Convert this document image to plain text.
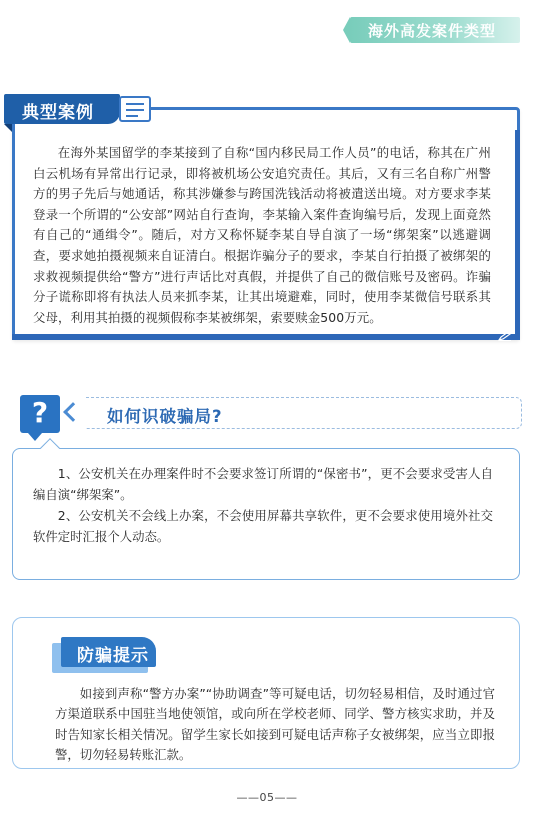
海外高发案件类型
典型案例

在海外某国留学的李某接到了自称“国内移民局工作人员”的电话，称其在广州白云机场有异常出行记录，即将被机场公安追究责任。其后，又有三名自称广州警方的男子先后与她通话，称其涉嫌参与跨国洗钱活动将被遣送出境。对方要求李某登录一个所谓的“公安部”网站自行查询，李某输入案件查询编号后，发现上面竟然有自己的“通缉令”。随后，对方又称怀疑李某自导自演了一场“绑架案”以逃避调查，要求她拍摄视频来自证清白。根据诈骗分子的要求，李某自行拍摄了被绑架的求救视频提供给“警方”进行声话比对真假，并提供了自己的微信账号及密码。诈骗分子谎称即将有执法人员来抓李某，让其出境避难，同时，使用李某微信号联系其父母，利用其拍摄的视频假称李某被绑架，索要赎金500万元。

?	如何识破骗局?

1、公安机关在办理案件时不会要求签订所谓的“保密书”，更不会要求受害人自编自演“绑架案”。

2、公安机关不会线上办案，不会使用屏幕共享软件，更不会要求使用境外社交软件定时汇报个人动态。

防骗提示

如接到声称“警方办案”“协助调查”等可疑电话，切勿轻易相信，及时通过官方渠道联系中国驻当地使领馆，或向所在学校老师、同学、警方核实求助，并及时告知家长相关情况。留学生家长如接到可疑电话声称子女被绑架，应当立即报警，切勿轻易转账汇款。

——05——
